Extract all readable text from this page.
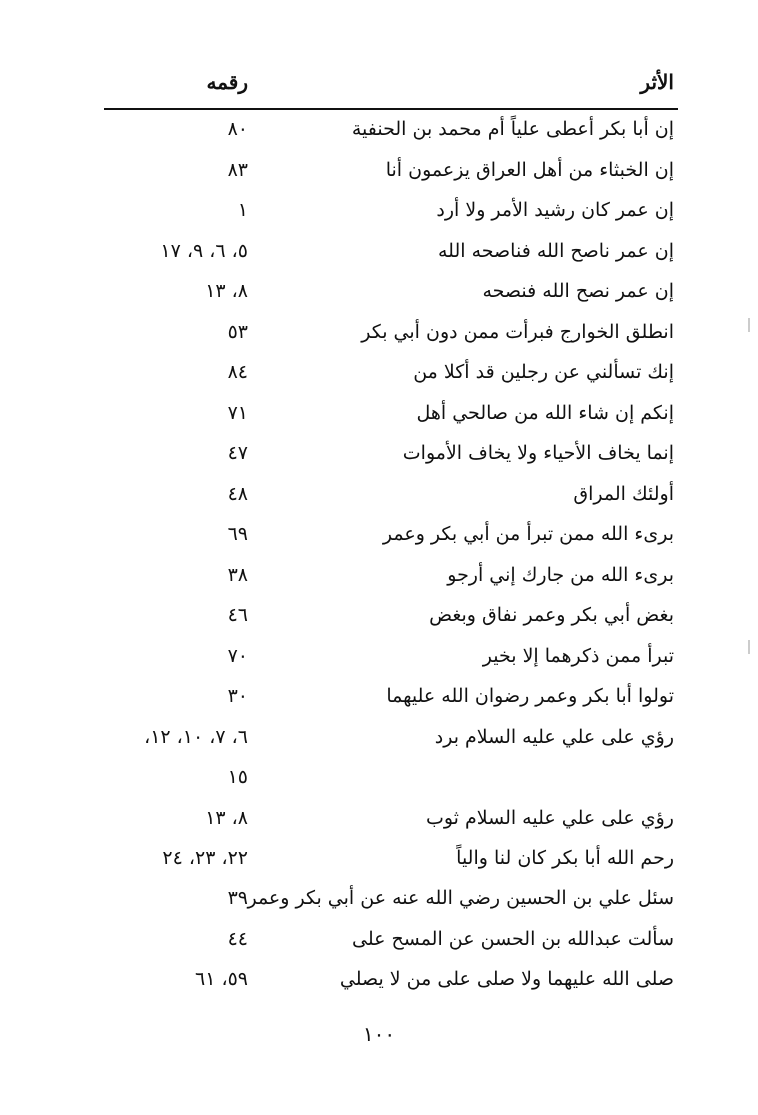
الأثر
رقمه
إن أبا بكر أعطى علياً أم محمد بن الحنفية
٨٠
إن الخبثاء من أهل العراق يزعمون أنا
٨٣
إن عمر كان رشيد الأمر ولا أرد
١
إن عمر ناصح الله فناصحه الله
٥، ٦، ٩، ١٧
إن عمر نصح الله فنصحه
٨، ١٣
انطلق الخوارج فبرأت ممن دون أبي بكر
٥٣
إنك تسألني عن رجلين قد أكلا من
٨٤
إنكم إن شاء الله من صالحي أهل
٧١
إنما يخاف الأحياء ولا يخاف الأموات
٤٧
أولئك المراق
٤٨
برىء الله ممن تبرأ من أبي بكر وعمر
٦٩
برىء الله من جارك إني أرجو
٣٨
بغض أبي بكر وعمر نفاق وبغض
٤٦
تبرأ ممن ذكرهما إلا بخير
٧٠
تولوا أبا بكر وعمر رضوان الله عليهما
٣٠
رؤي على علي عليه السلام برد
٦، ٧، ١٠، ١٢،
١٥
رؤي على علي عليه السلام ثوب
٨، ١٣
رحم الله أبا بكر كان لنا والياً
٢٢، ٢٣، ٢٤
سئل علي بن الحسين رضي الله عنه عن أبي بكر وعمر
٣٩
سألت عبدالله بن الحسن عن المسح على
٤٤
صلى الله عليهما ولا صلى على من لا يصلي
٥٩، ٦١
١٠٠
